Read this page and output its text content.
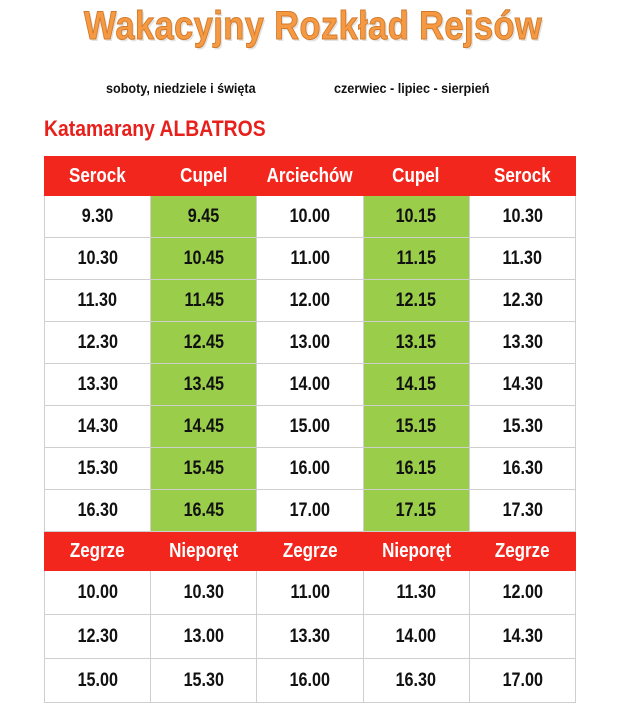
Wakacyjny Rozkład Rejsów
soboty, niedziele i święta	czerwiec - lipiec - sierpień
Katamarany ALBATROS
Serock	Cupel	Arciechów	Cupel	Serock
9.30	9.45	10.00	10.15	10.30
10.30	10.45	11.00	11.15	11.30
11.30	11.45	12.00	12.15	12.30
12.30	12.45	13.00	13.15	13.30
13.30	13.45	14.00	14.15	14.30
14.30	14.45	15.00	15.15	15.30
15.30	15.45	16.00	16.15	16.30
16.30	16.45	17.00	17.15	17.30
Zegrze	Nieporęt	Zegrze	Nieporęt	Zegrze
10.00	10.30	11.00	11.30	12.00
12.30	13.00	13.30	14.00	14.30
15.00	15.30	16.00	16.30	17.00
